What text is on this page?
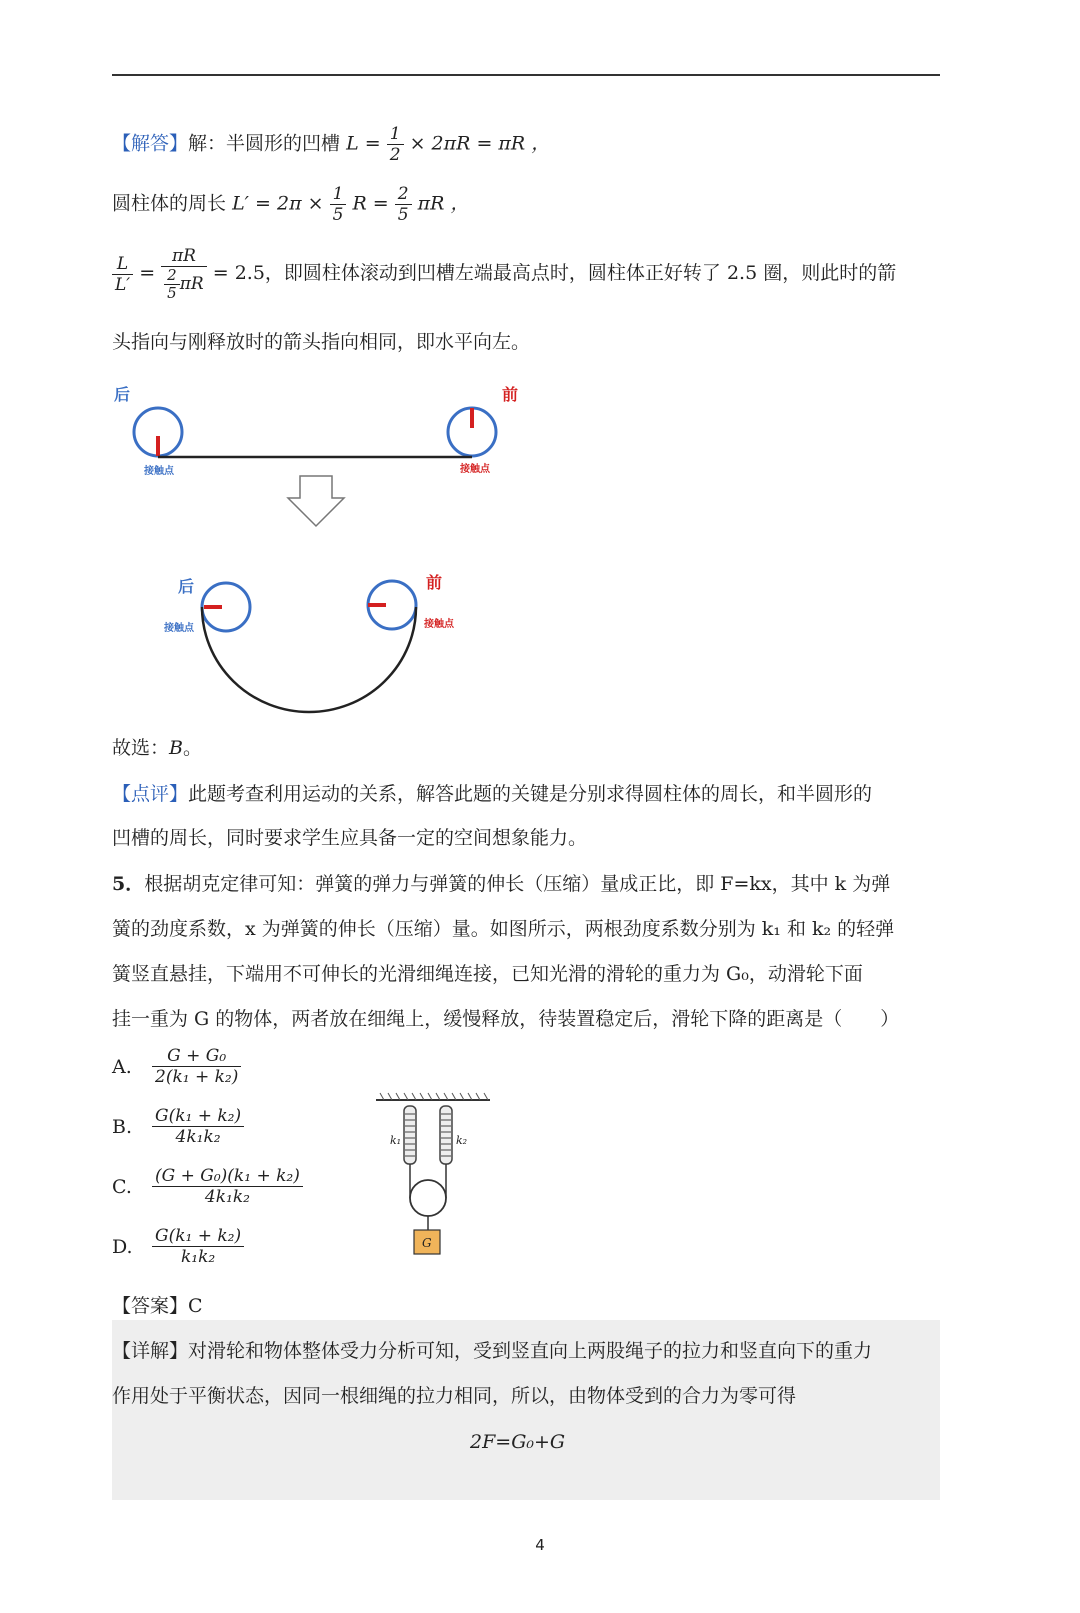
【解答】解：半圆形的凹槽 $L = \frac{1}{2} \times 2\pi R = \pi R$ ，
圆柱体的周长 $L' = 2\pi \times \frac{1}{5}$ $R = \frac{2}{5}$ πR ，
$\frac{L}{L'} = \frac{\pi R}{\frac{2}{5} \pi R} = 2.5$，即圆柱体滚动到凹槽左端最高点时，圆柱体正好转了 2.5 圈，则此时的箭
头指向与刚释放时的箭头指向相同，即水平向左。
后	前
接触点	接触点
后	前
接触点	接触点
故选：B。
【点评】此题考查利用运动的关系，解答此题的关键是分别求得圆柱体的周长，和半圆形的
凹槽的周长，同时要求学生应具备一定的空间想象能力。
5．根据胡克定律可知：弹簧的弹力与弹簧的伸长（压缩）量成正比，即 F=kx，其中 k 为弹
簧的劲度系数，x 为弹簧的伸长（压缩）量。如图所示，两根劲度系数分别为 k₁ 和 k₂ 的轻弹
簧竖直悬挂，下端用不可伸长的光滑细绳连接，已知光滑的滑轮的重力为 G₀，动滑轮下面
挂一重为 G 的物体，两者放在细绳上，缓慢释放，待装置稳定后，滑轮下降的距离是（　　）
A. $\frac{\text{G + G₀}}{\text{2(k₁ + k₂)}}$
B. $\frac{\text{G(k₁ + k₂)}}{\text{4k₁k₂}}$
C. $\frac{\text{(G + G₀)(k₁ + k₂)}}{\text{4k₁k₂}}$
D. $\frac{\text{G(k₁ + k₂)}}{\text{k₁k₂}}$
k₁	k₂
G
【答案】C
【详解】对滑轮和物体整体受力分析可知，受到竖直向上两股绳子的拉力和竖直向下的重力
作用处于平衡状态，因同一根细绳的拉力相同，所以，由物体受到的合力为零可得
2F=G₀+G
4
